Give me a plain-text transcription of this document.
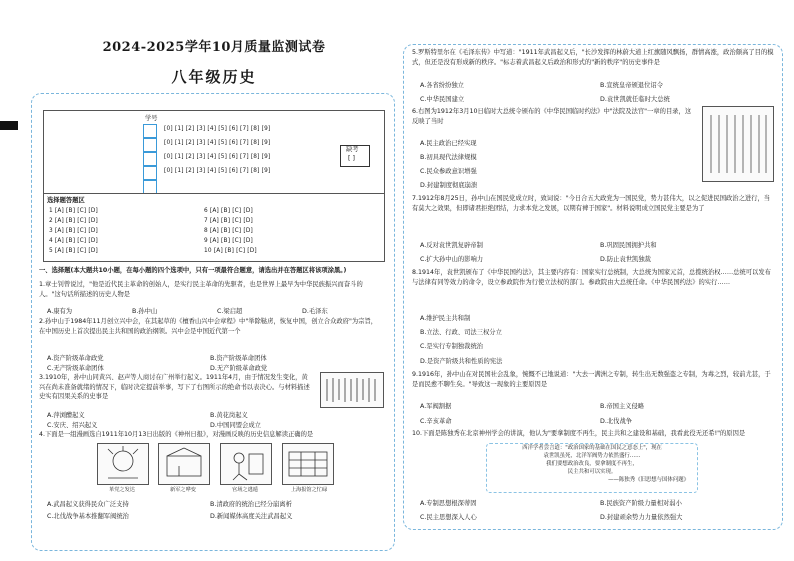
2024-2025学年10月质量监测试卷
八年级历史
学号
[0] [1] [2] [3] [4] [5] [6] [7] [8] [9]
[0] [1] [2] [3] [4] [5] [6] [7] [8] [9]
[0] [1] [2] [3] [4] [5] [6] [7] [8] [9]
[0] [1] [2] [3] [4] [5] [6] [7] [8] [9]
缺考
[ ]
选择题答题区
1 [A] [B] [C] [D]
2 [A] [B] [C] [D]
3 [A] [B] [C] [D]
4 [A] [B] [C] [D]
5 [A] [B] [C] [D]
6 [A] [B] [C] [D]
7 [A] [B] [C] [D]
8 [A] [B] [C] [D]
9 [A] [B] [C] [D]
10 [A] [B] [C] [D]
一、选择题(本大题共10小题，在每小题的四个选项中，只有一项最符合题意，请选出并在答题区将该项涂黑。)
1.章士钊曾说过，"他是近代民主革命的创始人，是实行民主革命的先驱者，也是世界上最早为中华民族振兴而奋斗的人。"这句话所描述的历史人物是
A.康有为	B.孙中山	C.梁启超	D.毛泽东
2.孙中山于1984年11月创立兴中会，在其起草的《檀香山兴中会章程》中"举除鞑虏，恢复中国，创立合众政府"为宗旨，在中国历史上首次提出民主共和国的政治纲领。兴中会是中国近代第一个
A.资产阶级革命政党	B.资产阶级革命团体
C.无产阶级革命团体	D.无产阶级革命政党
3.1910年，孙中山同黄兴、赵声等人商讨在广州举行起义。1911年4月，由于情况发生变化，黄兴在尚未准备就绪的情况下，临时决定提前举事，写下了右图所示的绝命书以表决心。与材料描述史实有因果关系的史事是
A.萍浏醴起义	B.黄花岗起义
C.安庆、绍兴起义	D.中国同盟会成立
4.下面是一组漫画选自1911年10月13日出版的《神州日报》，对漫画反映的历史信息解读正确的是
革党之发达	新军之哗变	官场之逃遁	上海报馆之忙碌
A.武昌起义获得民众广泛支持	B.清政府的统治已经分崩离析
C.北伐战争基本推翻军阀统治	D.新闻媒体高度关注武昌起义
5.罗斯特里尔在《毛泽东传》中写道："1911年武昌起义后，"长沙发挥的林蔚大道上红旗随风飘扬，群情高涨，政治颇高了目的模式，但还是没有形成新的秩序。"标志着武昌起义后政治和形式的"新的秩序"的历史事件是
A.各省纷纷独立	B.宣统皇帝颁退位诏令
C.中华民国建立	D.袁世凯就任临时大总统
6.右图为1912年3月10日临时大总统令颁布的《中华民国临时约法》中"法院及法官"一章的目录，这反映了当时
A.民主政治已经实现
B.初具现代法律规模
C.民众参政意识增强
D.封建制度彻底崩溃
7.1912年8月25日，孙中山在国民党成立时，致词说："今日合五大政党为一国民党，势力甚伟大，以之促进民国政治之进行，当有莫大之效果，但即诸君拒绝团结，力求本党之发展，以期有裨于国家"。材料说明成立国民党主要是为了
A.反对袁世凯复辟帝制	B.巩固民国拥护共和
C.扩大孙中山的影响力	D.防止袁世凯独裁
8.1914年，袁世凯颁布了《中华民国约法》，其主要内容有：国家实行总统制，大总统为国家元首，总揽统治权……总统可以发布与法律有同等效力的命令，设立参政院作为行使立法权的部门。参政院由大总统任命。《中华民国约法》的实行……
A.维护民主共和制
B.立法、行政、司法三权分立
C.是实行专制独裁统治
D.是资产阶级共和性质的宪法
9.1916年，孙中山在对民国社会乱象，惋慨不已地说道："大去一满洲之专制，转生出无数强盗之专制，为毒之烈，较前尤甚，于是而民愈不聊生矣。"导致这一现象的主要原因是
A.军阀割据	B.帝国主义侵略
C.辛亥革命	D.北伐战争
10.下面是陈独秀在北京神州学会的讲演，他认为"要拿制度不再生，民主共和之建设和基础，我看此役无还希!"的原因是
西洋学者尝言道："政治国家的基础在国民之意态上"，现在
袁世凯虽死，北洋军阀势力依然盛行……
我们要想政治改良，要拿制度不再生，
民主共和可以实现。
——陈独秀《旧思想与国体问题》
A.专制思想根深蒂固	B.民族资产阶级力量相对弱小
C.民主思想深入人心	D.封建顽余势力力量依然强大
